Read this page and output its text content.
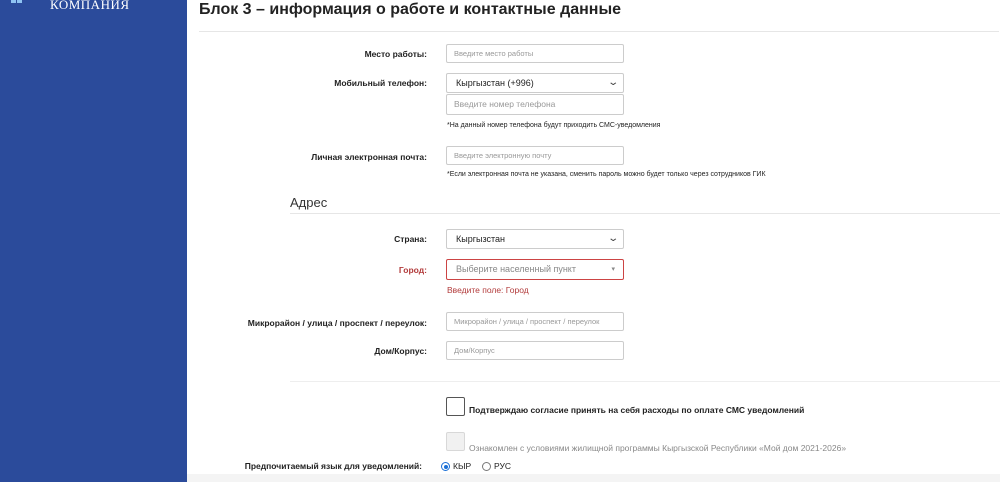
КОМПАНИЯ	Блок 3 – информация о работе и контактные данные
Место работы:	Введите место работы
Мобильный телефон:	Кыргызстан (+996)	⌄
Введите номер телефона
*На данный номер телефона будут приходить СМС-уведомления
Личная электронная почта:	Введите электронную почту
*Если электронная почта не указана, сменить пароль можно будет только через сотрудников ГИК
Адрес
Страна:	Кыргызстан	⌄
Город:	Выберите населенный пункт	▾
Введите поле: Город
Микрорайон / улица / проспект / переулок:	Микрорайон / улица / проспект / переулок
Дом/Корпус:	Дом/Корпус
Подтверждаю согласие принять на себя расходы по оплате СМС уведомлений
Ознакомлен с условиями жилищной программы Кыргызской Республики «Мой дом 2021-2026»
Предпочитаемый язык для уведомлений:	КЫР	РУС
